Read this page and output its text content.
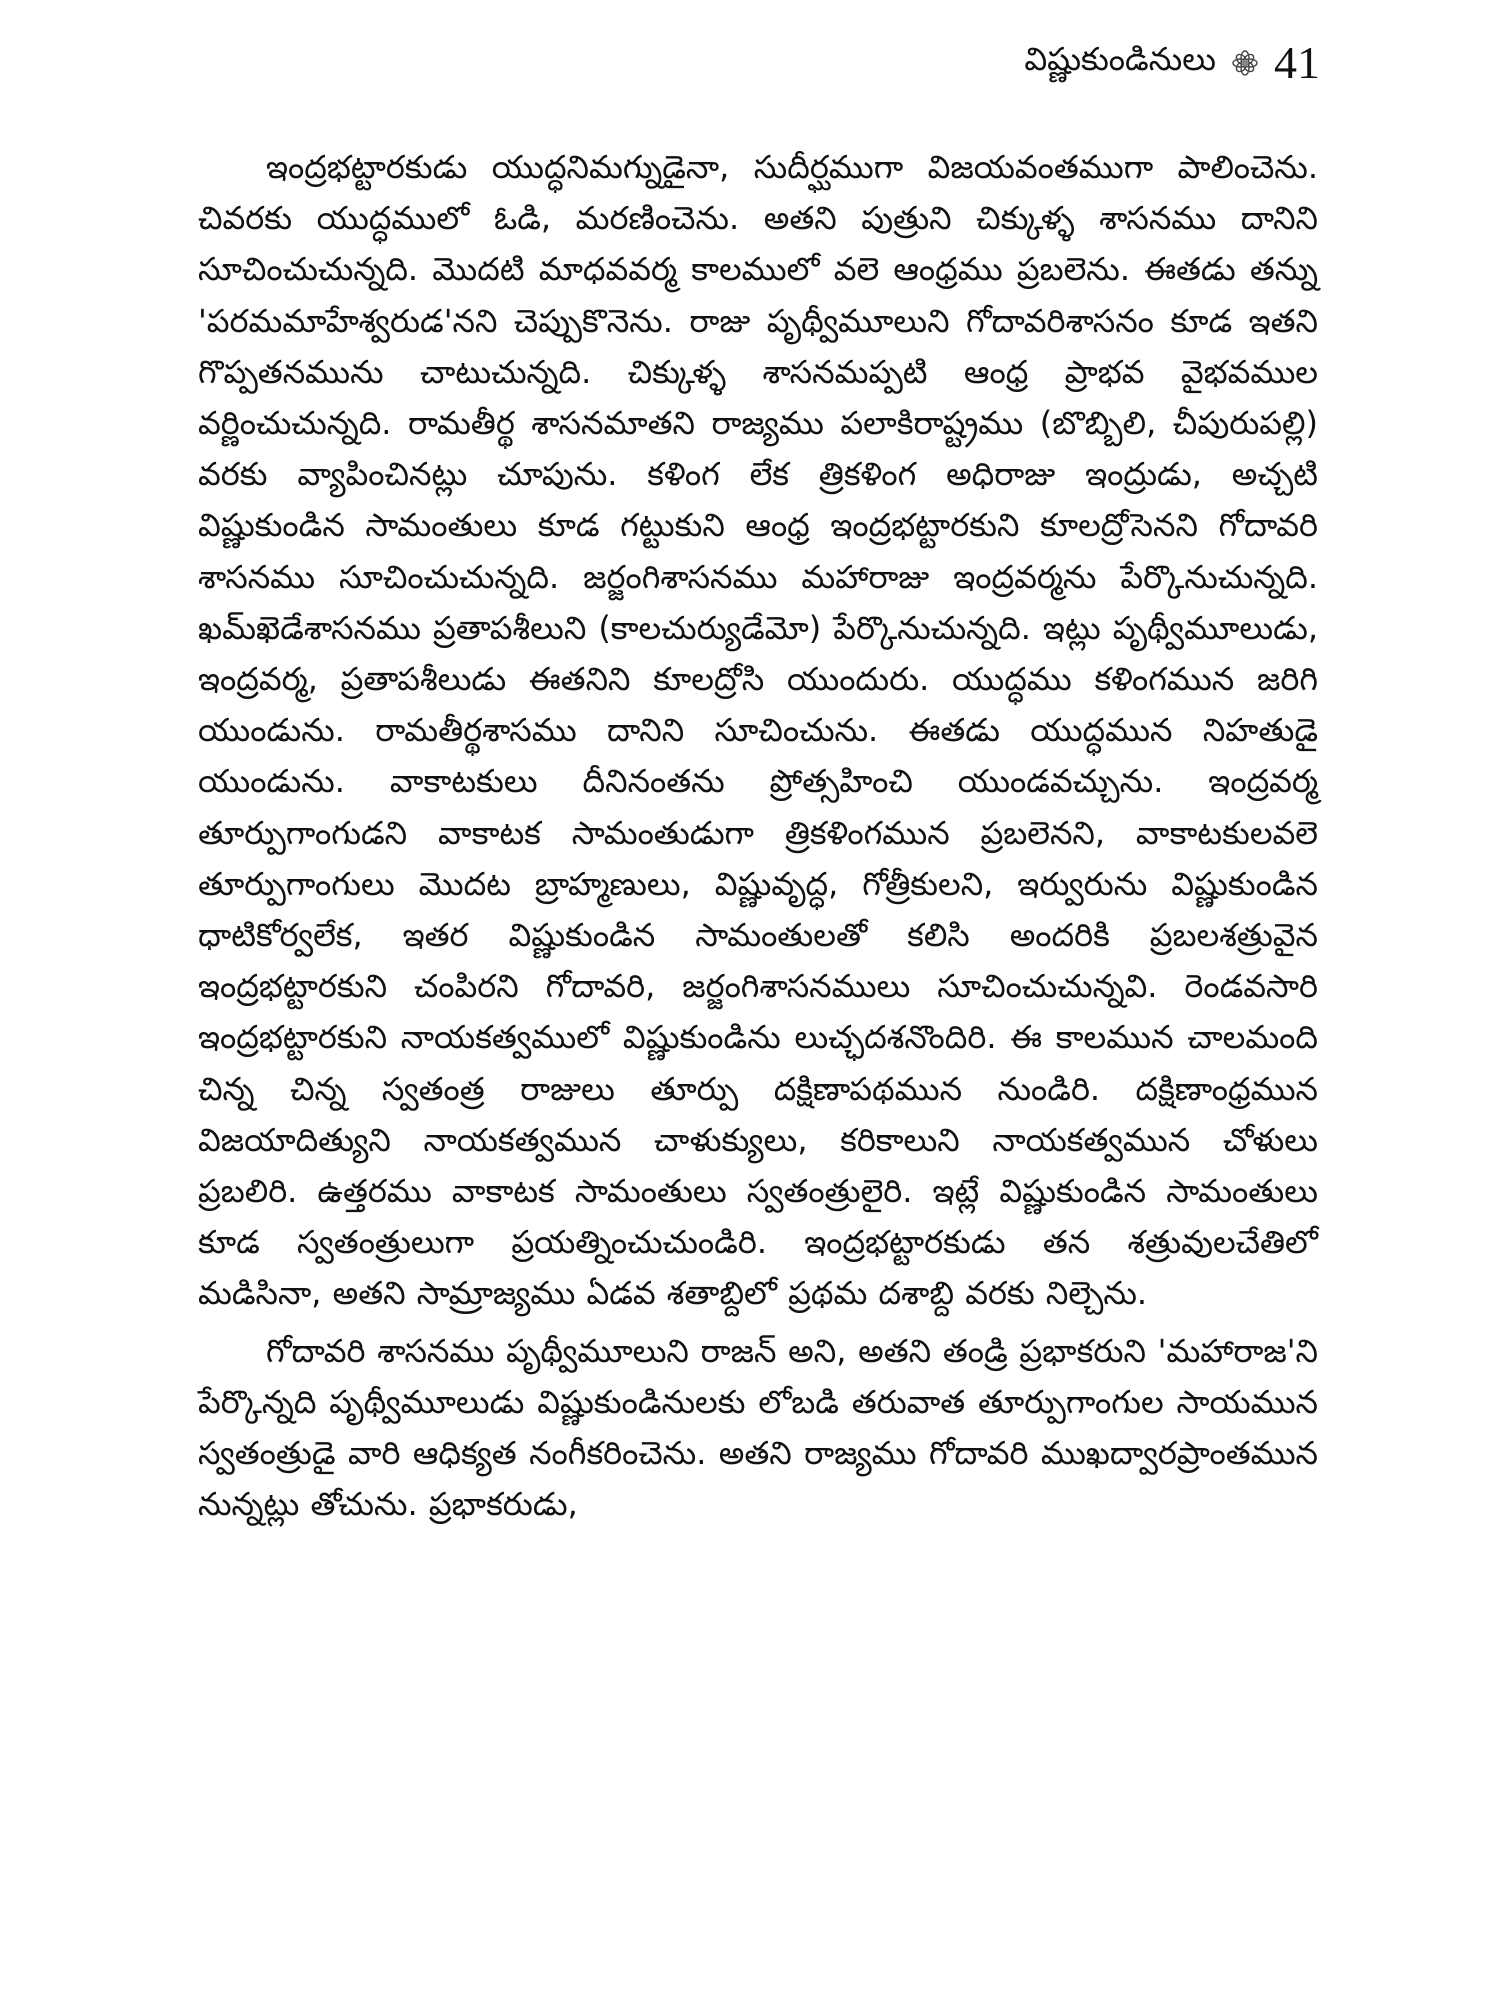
విష్ణుకుండినులు 41

ఇంద్రభట్టారకుడు యుద్ధనిమగ్నుడైనా, సుదీర్ఘముగా విజయవంతముగా పాలించెను. చివరకు యుద్ధములో ఓడి, మరణించెను. అతని పుత్రుని చిక్కుళ్ళ శాసనము దానిని సూచించుచున్నది. మొదటి మాధవవర్మ కాలములో వలె ఆంధ్రము ప్రబలెను. ఈతడు తన్ను 'పరమమాహేశ్వరుడ'నని చెప్పుకొనెను. రాజు పృథ్వీమూలుని గోదావరిశాసనం కూడ ఇతని గొప్పతనమును చాటుచున్నది. చిక్కుళ్ళ శాసనమప్పటి ఆంధ్ర ప్రాభవ వైభవముల వర్ణించుచున్నది. రామతీర్థ శాసనమాతని రాజ్యము పలాకిరాష్ట్రము (బొబ్బిలి, చీపురుపల్లి) వరకు వ్యాపించినట్లు చూపును. కళింగ లేక త్రికళింగ అధిరాజు ఇంద్రుడు, అచ్చటి విష్ణుకుండిన సామంతులు కూడ గట్టుకుని ఆంధ్ర ఇంద్రభట్టారకుని కూలద్రోసెనని గోదావరి శాసనము సూచించుచున్నది. జర్జంగిశాసనము మహారాజు ఇంద్రవర్మను పేర్కొనుచున్నది. ఖమ్‌ఖెడేశాసనము ప్రతాపశీలుని (కాలచుర్యుడేమో) పేర్కొనుచున్నది. ఇట్లు పృథ్వీమూలుడు, ఇంద్రవర్మ, ప్రతాపశీలుడు ఈతనిని కూలద్రోసి యుందురు. యుద్ధము కళింగమున జరిగి యుండును. రామతీర్థశాసము దానిని సూచించును. ఈతడు యుద్ధమున నిహతుడై యుండును. వాకాటకులు దీనినంతను ప్రోత్సహించి యుండవచ్చును. ఇంద్రవర్మ తూర్పుగాంగుడని వాకాటక సామంతుడుగా త్రికళింగమున ప్రబలెనని, వాకాటకులవలె తూర్పుగాంగులు మొదట బ్రాహ్మణులు, విష్ణువృద్ధ, గోత్రీకులని, ఇర్వురును విష్ణుకుండిన ధాటికోర్వలేక, ఇతర విష్ణుకుండిన సామంతులతో కలిసి అందరికి ప్రబలశత్రువైన ఇంద్రభట్టారకుని చంపిరని గోదావరి, జర్జంగిశాసనములు సూచించుచున్నవి. రెండవసారి ఇంద్రభట్టారకుని నాయకత్వములో విష్ణుకుండిను లుచ్ఛదశనొందిరి. ఈ కాలమున చాలమంది చిన్న చిన్న స్వతంత్ర రాజులు తూర్పు దక్షిణాపథమున నుండిరి. దక్షిణాంధ్రమున విజయాదిత్యుని నాయకత్వమున చాళుక్యులు, కరికాలుని నాయకత్వమున చోళులు ప్రబలిరి. ఉత్తరము వాకాటక సామంతులు స్వతంత్రులైరి. ఇట్లే విష్ణుకుండిన సామంతులు కూడ స్వతంత్రులుగా ప్రయత్నించుచుండిరి. ఇంద్రభట్టారకుడు తన శత్రువులచేతిలో మడిసినా, అతని సామ్రాజ్యము ఏడవ శతాబ్దిలో ప్రథమ దశాబ్ది వరకు నిల్చెను.

గోదావరి శాసనము పృథ్వీమూలుని రాజన్ అని, అతని తండ్రి ప్రభాకరుని 'మహారాజ'ని పేర్కొన్నది పృథ్వీమూలుడు విష్ణుకుండినులకు లోబడి తరువాత తూర్పుగాంగుల సాయమున స్వతంత్రుడై వారి ఆధిక్యత నంగీకరించెను. అతని రాజ్యము గోదావరి ముఖద్వారప్రాంతమున నున్నట్లు తోచును. ప్రభాకరుడు,
